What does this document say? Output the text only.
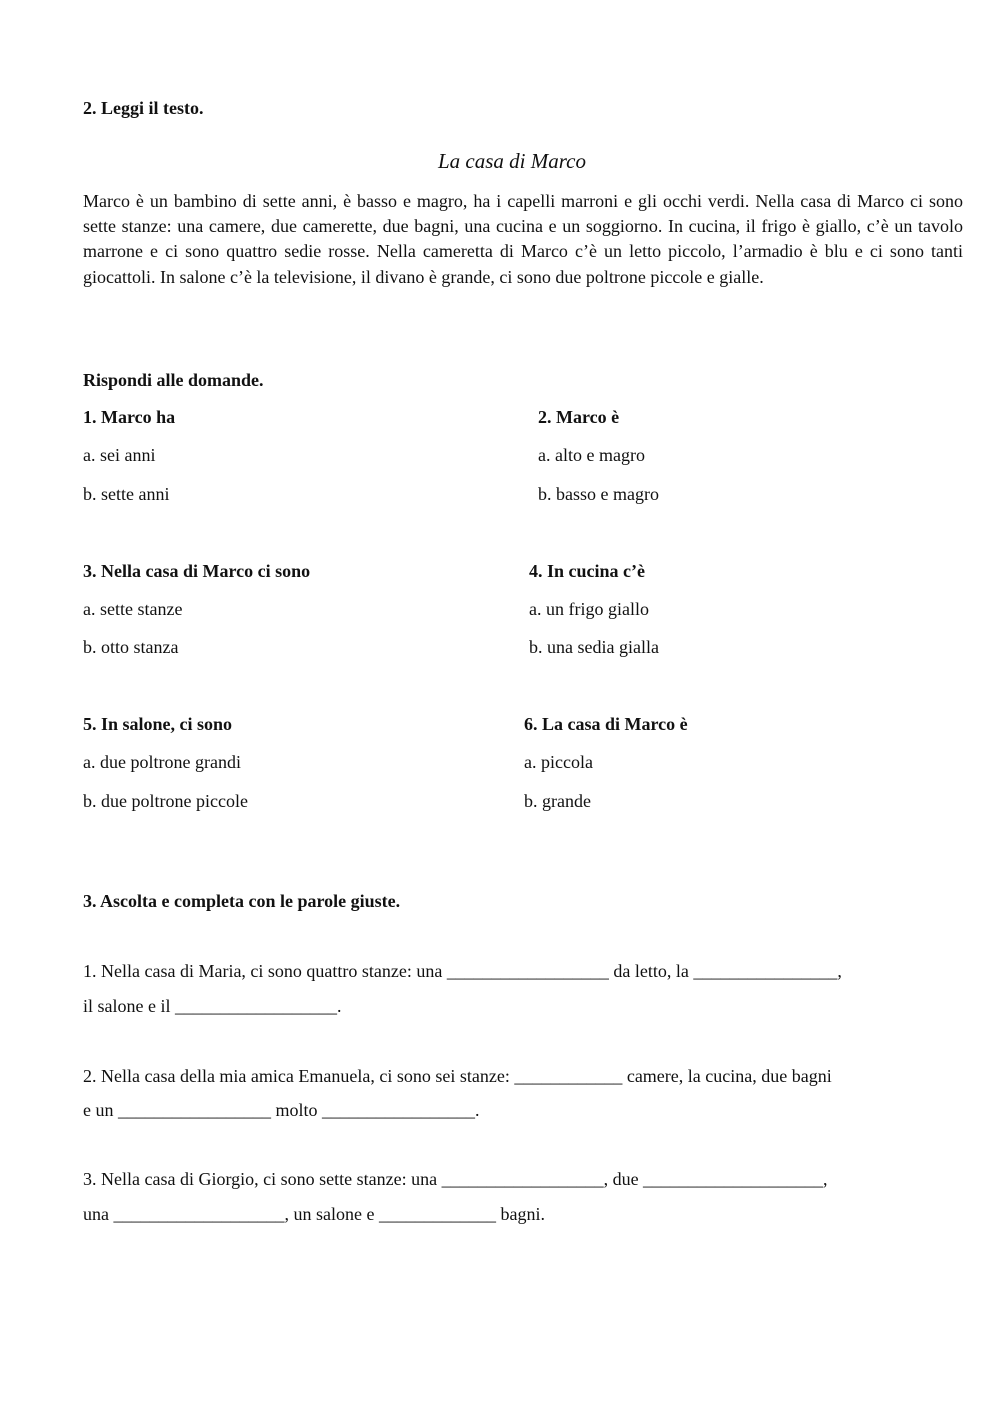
2. Leggi il testo.
La casa di Marco
Marco è un bambino di sette anni, è basso e magro, ha i capelli marroni e gli occhi verdi. Nella casa di Marco ci sono sette stanze: una camere, due camerette, due bagni, una cucina e un soggiorno. In cucina, il frigo è giallo, c’è un tavolo marrone e ci sono quattro sedie rosse. Nella cameretta di Marco c’è un letto piccolo, l’armadio è blu e ci sono tanti giocattoli. In salone c’è la televisione, il divano è grande, ci sono due poltrone piccole e gialle.
Rispondi alle domande.
1. Marco ha
a. sei anni
b. sette anni
2. Marco è
a. alto e magro
b. basso e magro
3. Nella casa di Marco ci sono
a. sette stanze
b. otto stanza
4. In cucina c’è
a. un frigo giallo
b. una sedia gialla
5. In salone, ci sono
a. due poltrone grandi
b. due poltrone piccole
6. La casa di Marco è
a. piccola
b. grande
3. Ascolta e completa con le parole giuste.
1. Nella casa di Maria, ci sono quattro stanze: una __________________ da letto, la ________________,
il salone e il __________________.
2. Nella casa della mia amica Emanuela, ci sono sei stanze: ____________ camere, la cucina, due bagni
e un _________________ molto _________________.
3. Nella casa di Giorgio, ci sono sette stanze: una __________________, due ____________________,
una ___________________, un salone e _____________ bagni.
